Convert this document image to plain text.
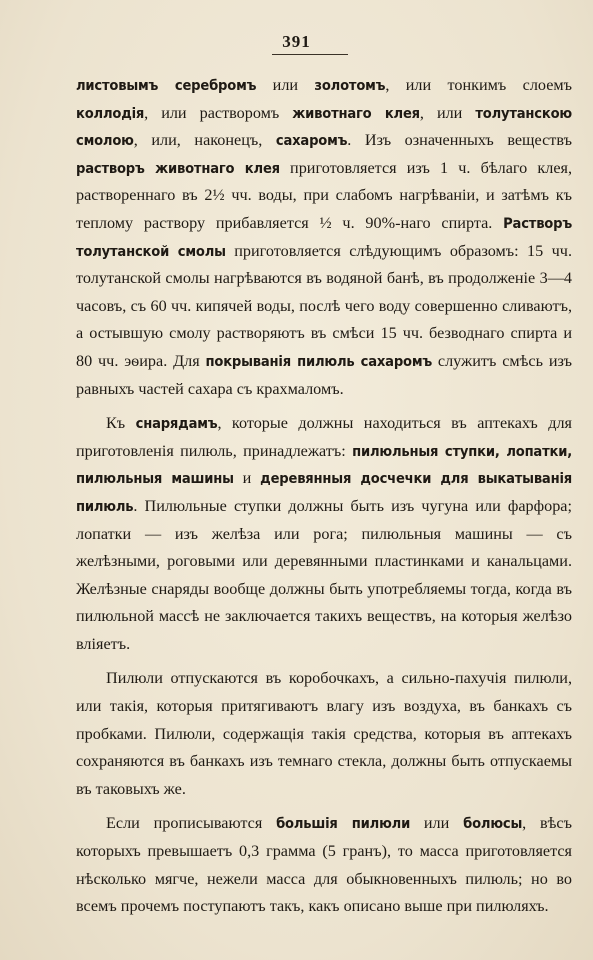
391

листовымъ серебромъ или золотомъ, или тонкимъ слоемъ коллодія, или растворомъ животнаго клея, или толутанскою смолою, или, наконецъ, сахаромъ. Изъ означенныхъ веществъ растворъ животнаго клея приготовляется изъ 1 ч. бѣлаго клея, раствореннаго въ 2½ чч. воды, при слабомъ нагрѣваніи, и затѣмъ къ теплому раствору прибавляется ½ ч. 90%-наго спирта. Растворъ толутанской смолы приготовляется слѣдующимъ образомъ: 15 чч. толутанской смолы нагрѣваются въ водяной банѣ, въ продолженіе 3—4 часовъ, съ 60 чч. кипячей воды, послѣ чего воду совершенно сливаютъ, а остывшую смолу растворяютъ въ смѣси 15 чч. безводнаго спирта и 80 чч. эѳира. Для покрыванія пилюль сахаромъ служитъ смѣсь изъ равныхъ частей сахара съ крахмаломъ.

Къ снарядамъ, которые должны находиться въ аптекахъ для приготовленія пилюль, принадлежатъ: пилюльныя ступки, лопатки, пилюльныя машины и деревянныя досчечки для выкатыванія пилюль. Пилюльные ступки должны быть изъ чугуна или фарфора; лопатки — изъ желѣза или рога; пилюльныя машины — съ желѣзными, роговыми или деревянными пластинками и канальцами. Желѣзные снаряды вообще должны быть употребляемы тогда, когда въ пилюльной массѣ не заключается такихъ веществъ, на которыя желѣзо вліяетъ.

Пилюли отпускаются въ коробочкахъ, а сильно-пахучія пилюли, или такія, которыя притягиваютъ влагу изъ воздуха, въ банкахъ съ пробками. Пилюли, содержащія такія средства, которыя въ аптекахъ сохраняются въ банкахъ изъ темнаго стекла, должны быть отпускаемы въ таковыхъ же.

Если прописываются большія пилюли или болюсы, вѣсъ которыхъ превышаетъ 0,3 грамма (5 гранъ), то масса приготовляется нѣсколько мягче, нежели масса для обыкновенныхъ пилюль; но во всемъ прочемъ поступаютъ такъ, какъ описано выше при пилюляхъ.
